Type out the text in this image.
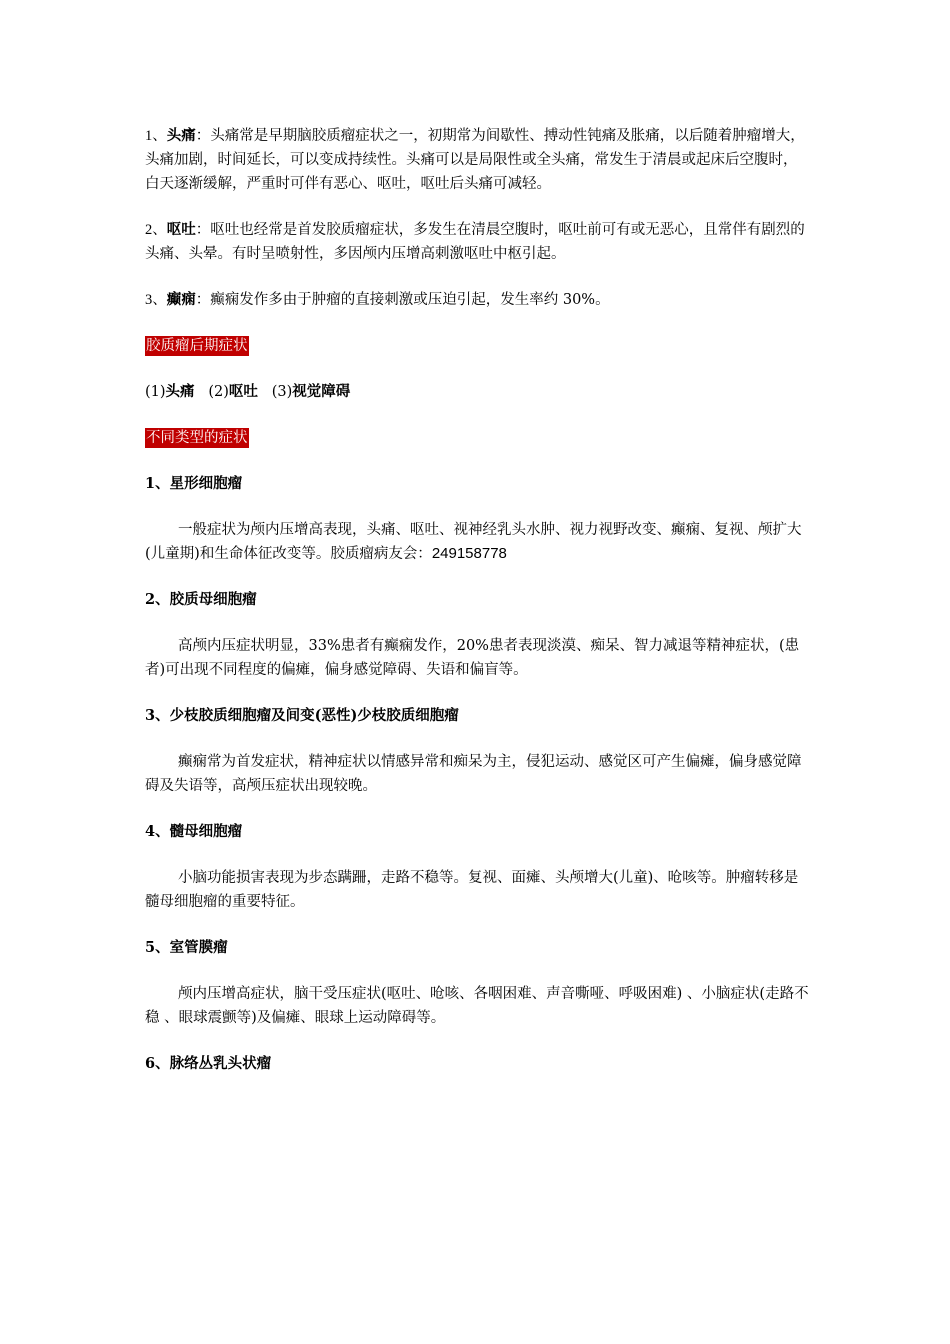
1、头痛：头痛常是早期脑胶质瘤症状之一，初期常为间歇性、搏动性钝痛及胀痛，以后随着肿瘤增大，头痛加剧，时间延长，可以变成持续性。头痛可以是局限性或全头痛，常发生于清晨或起床后空腹时，白天逐渐缓解，严重时可伴有恶心、呕吐，呕吐后头痛可减轻。

2、呕吐：呕吐也经常是首发胶质瘤症状，多发生在清晨空腹时，呕吐前可有或无恶心，且常伴有剧烈的头痛、头晕。有时呈喷射性，多因颅内压增高刺激呕吐中枢引起。

3、癫痫：癫痫发作多由于肿瘤的直接刺激或压迫引起，发生率约 30%。

胶质瘤后期症状

(1)头痛 (2)呕吐 (3)视觉障碍

不同类型的症状

1、星形细胞瘤

一般症状为颅内压增高表现，头痛、呕吐、视神经乳头水肿、视力视野改变、癫痫、复视、颅扩大(儿童期)和生命体征改变等。胶质瘤病友会：249158778

2、胶质母细胞瘤

高颅内压症状明显，33%患者有癫痫发作，20%患者表现淡漠、痴呆、智力减退等精神症状，(患者)可出现不同程度的偏瘫，偏身感觉障碍、失语和偏盲等。

3、少枝胶质细胞瘤及间变(恶性)少枝胶质细胞瘤

癫痫常为首发症状，精神症状以情感异常和痴呆为主，侵犯运动、感觉区可产生偏瘫，偏身感觉障碍及失语等，高颅压症状出现较晚。

4、髓母细胞瘤

小脑功能损害表现为步态蹒跚，走路不稳等。复视、面瘫、头颅增大(儿童)、呛咳等。肿瘤转移是髓母细胞瘤的重要特征。

5、室管膜瘤

颅内压增高症状，脑干受压症状(呕吐、呛咳、各咽困难、声音嘶哑、呼吸困难) 、小脑症状(走路不稳 、眼球震颤等)及偏瘫、眼球上运动障碍等。

6、脉络丛乳头状瘤
